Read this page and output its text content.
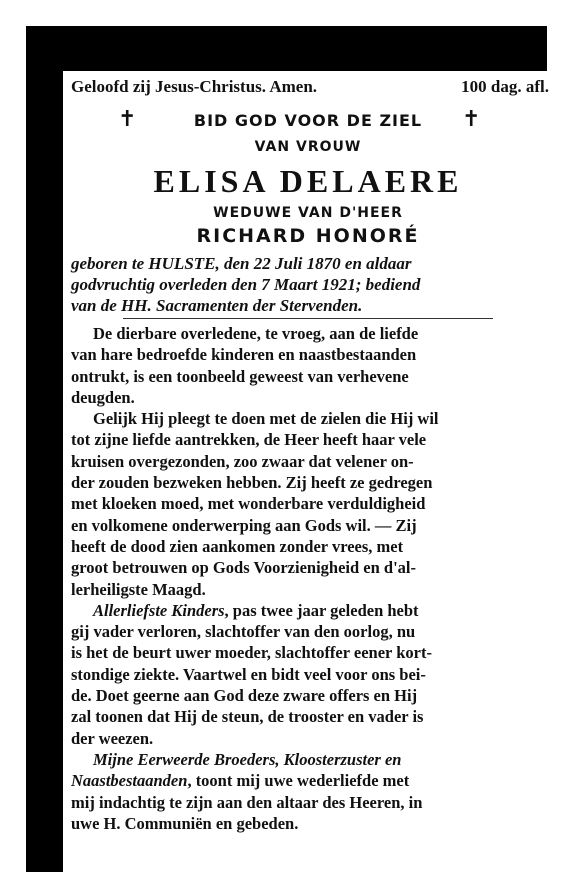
Geloofd zij Jesus-Christus. Amen.	100 dag. afl.
✝	BID GOD VOOR DE ZIEL	✝
VAN VROUW
ELISA DELAERE
WEDUWE VAN D'HEER
RICHARD HONORÉ
geboren te HULSTE, den 22 Juli 1870 en aldaar
godvruchtig overleden den 7 Maart 1921; bediend
van de HH. Sacramenten der Stervenden.
De dierbare overledene, te vroeg, aan de liefde
van hare bedroefde kinderen en naastbestaanden
ontrukt, is een toonbeeld geweest van verhevene
deugden.
Gelijk Hij pleegt te doen met de zielen die Hij wil
tot zijne liefde aantrekken, de Heer heeft haar vele
kruisen overgezonden, zoo zwaar dat velener on-
der zouden bezweken hebben. Zij heeft ze gedregen
met kloeken moed, met wonderbare verduldigheid
en volkomene onderwerping aan Gods wil. — Zij
heeft de dood zien aankomen zonder vrees, met
groot betrouwen op Gods Voorzienigheid en d'al-
lerheiligste Maagd.
Allerliefste Kinders, pas twee jaar geleden hebt
gij vader verloren, slachtoffer van den oorlog, nu
is het de beurt uwer moeder, slachtoffer eener kort-
stondige ziekte. Vaartwel en bidt veel voor ons bei-
de. Doet geerne aan God deze zware offers en Hij
zal toonen dat Hij de steun, de trooster en vader is
der weezen.
Mijne Eerweerde Broeders, Kloosterzuster en
Naastbestaanden, toont mij uwe wederliefde met
mij indachtig te zijn aan den altaar des Heeren, in
uwe H. Communiën en gebeden.
